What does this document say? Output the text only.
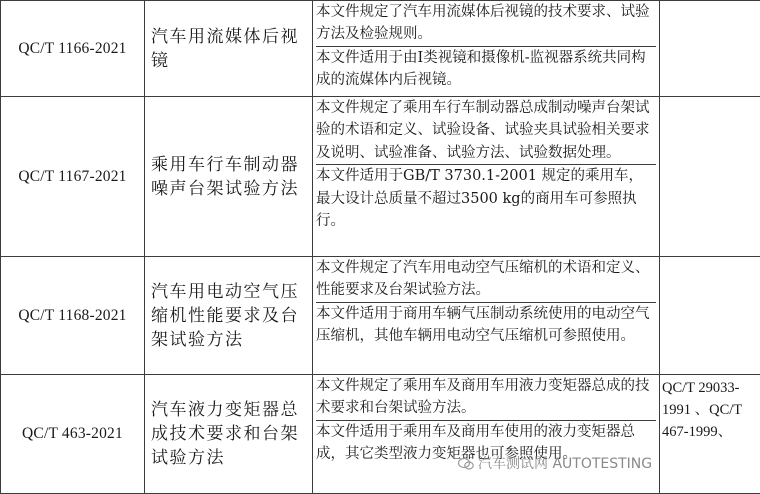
QC/T 1166-2021	汽车用流媒体后视镜	本文件规定了汽车用流媒体后视镜的技术要求、试验方法及检验规则。
本文件适用于由I类视镜和摄像机-监视器系统共同构成的流媒体内后视镜。	

QC/T 1167-2021	乘用车行车制动器噪声台架试验方法	本文件规定了乘用车行车制动器总成制动噪声台架试验的术语和定义、试验设备、试验夹具试验相关要求及说明、试验准备、试验方法、试验数据处理。
本文件适用于GB/T 3730.1-2001 规定的乘用车，最大设计总质量不超过3500 kg的商用车可参照执行。	

QC/T 1168-2021	汽车用电动空气压缩机性能要求及台架试验方法	本文件规定了汽车用电动空气压缩机的术语和定义、性能要求及台架试验方法。
本文件适用于商用车辆气压制动系统使用的电动空气压缩机，其他车辆用电动空气压缩机可参照使用。	

QC/T 463-2021	汽车液力变矩器总成技术要求和台架试验方法	本文件规定了乘用车及商用车用液力变矩器总成的技术要求和台架试验方法。
本文件适用于乘用车及商用车使用的液力变矩器总成，其它类型液力变矩器也可参照使用。	QC/T 29033-1991 、QC/T 467-1999、
汽车测试网 AUTOTESTING
